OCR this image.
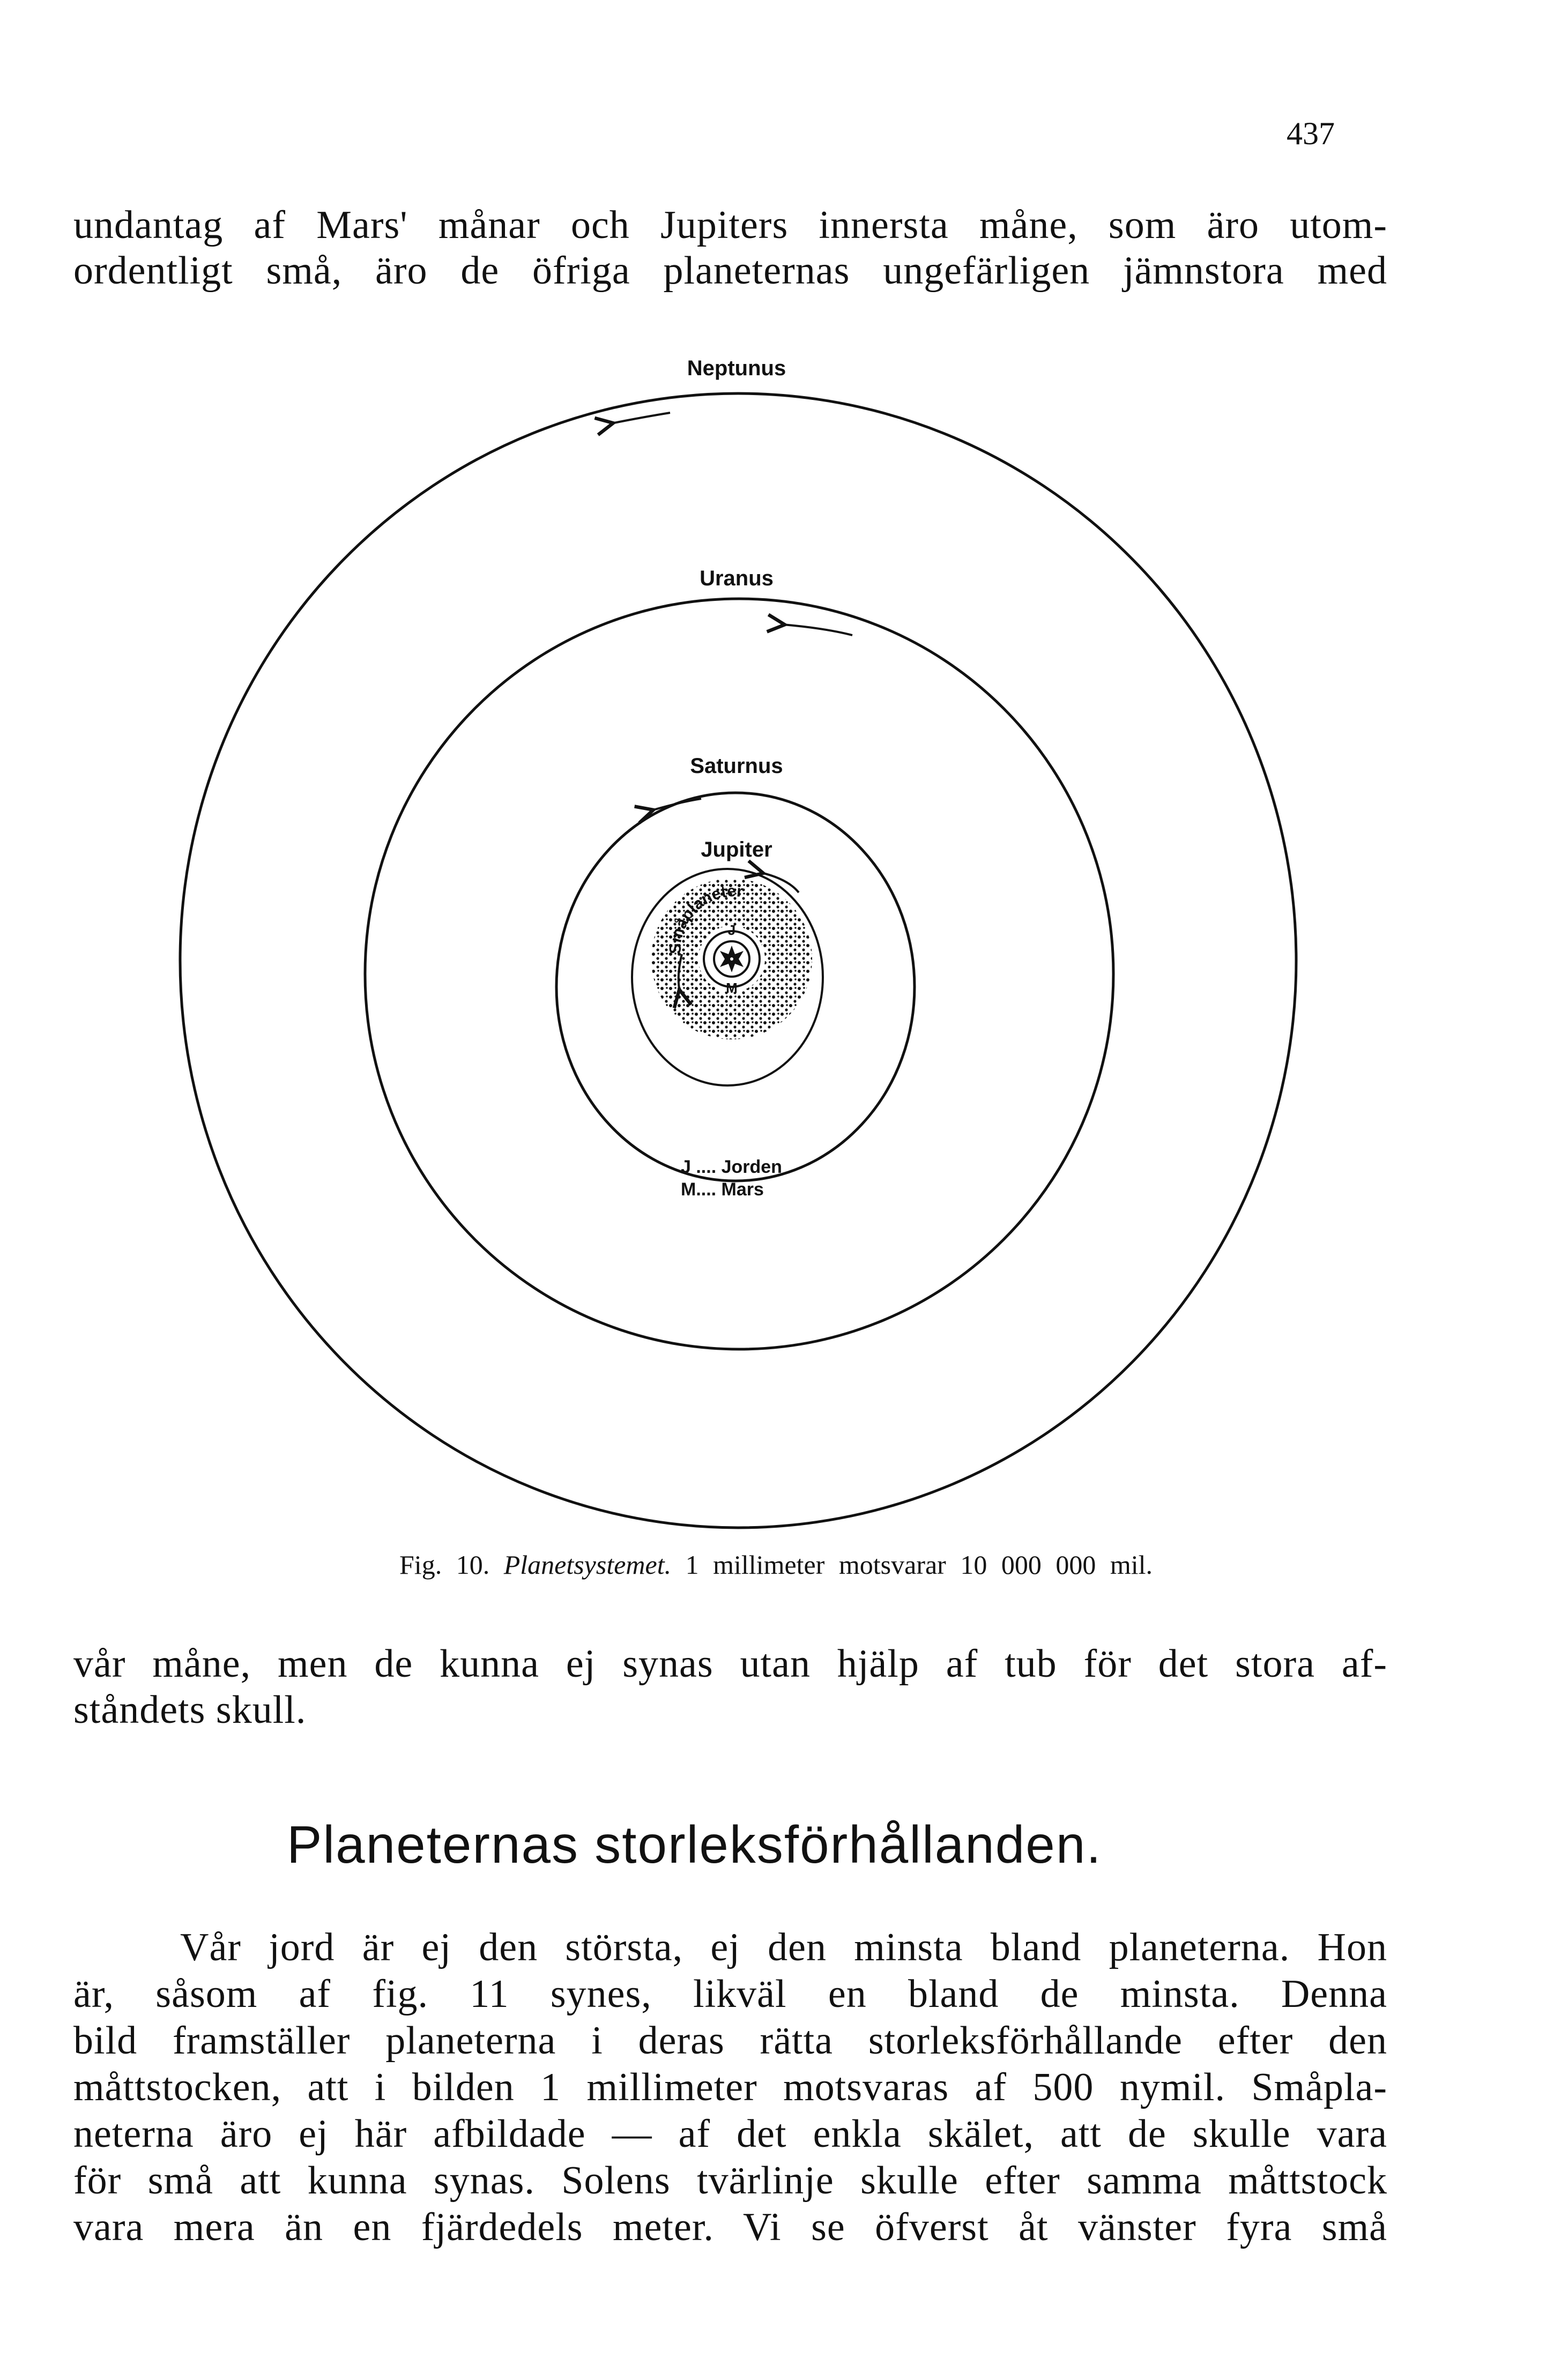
437
undantag af Mars' månar och Jupiters innersta måne, som äro utom-
ordentligt små, äro de öfriga planeternas ungefärligen jämnstora med
Neptunus
Uranus
Saturnus
Jupiter
Småplaneter
J
M
J .... Jorden
M.... Mars
Fig. 10. Planetsystemet. 1 millimeter motsvarar 10 000 000 mil.
vår måne, men de kunna ej synas utan hjälp af tub för det stora af-
ståndets skull.
Planeternas storleksförhållanden.
Vår jord är ej den största, ej den minsta bland planeterna. Hon
är, såsom af fig. 11 synes, likväl en bland de minsta. Denna
bild framställer planeterna i deras rätta storleksförhållande efter den
måttstocken, att i bilden 1 millimeter motsvaras af 500 nymil. Småpla-
neterna äro ej här afbildade — af det enkla skälet, att de skulle vara
för små att kunna synas. Solens tvärlinje skulle efter samma måttstock
vara mera än en fjärdedels meter. Vi se öfverst åt vänster fyra små
